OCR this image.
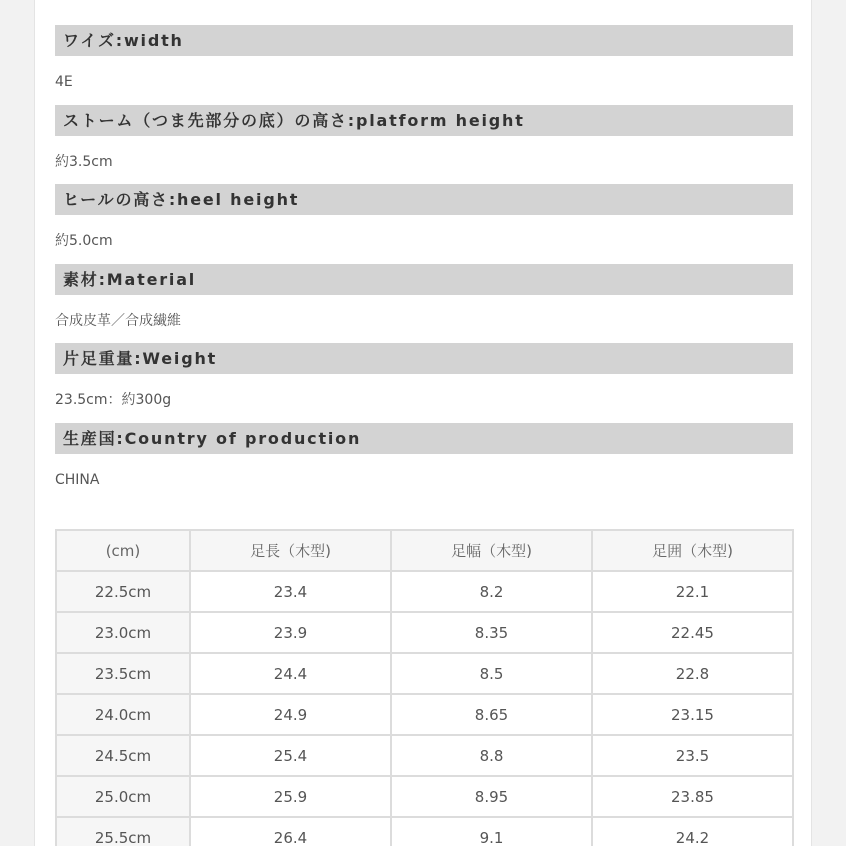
ワイズ:width
4E
ストーム（つま先部分の底）の高さ:platform height
約3.5cm
ヒールの高さ:heel height
約5.0cm
素材:Material
合成皮革／合成繊維
片足重量:Weight
23.5cm：約300g
生産国:Country of production
CHINA
(cm)	足長（木型)	足幅（木型)	足囲（木型)
22.5cm	23.4	8.2	22.1
23.0cm	23.9	8.35	22.45
23.5cm	24.4	8.5	22.8
24.0cm	24.9	8.65	23.15
24.5cm	25.4	8.8	23.5
25.0cm	25.9	8.95	23.85
25.5cm	26.4	9.1	24.2
